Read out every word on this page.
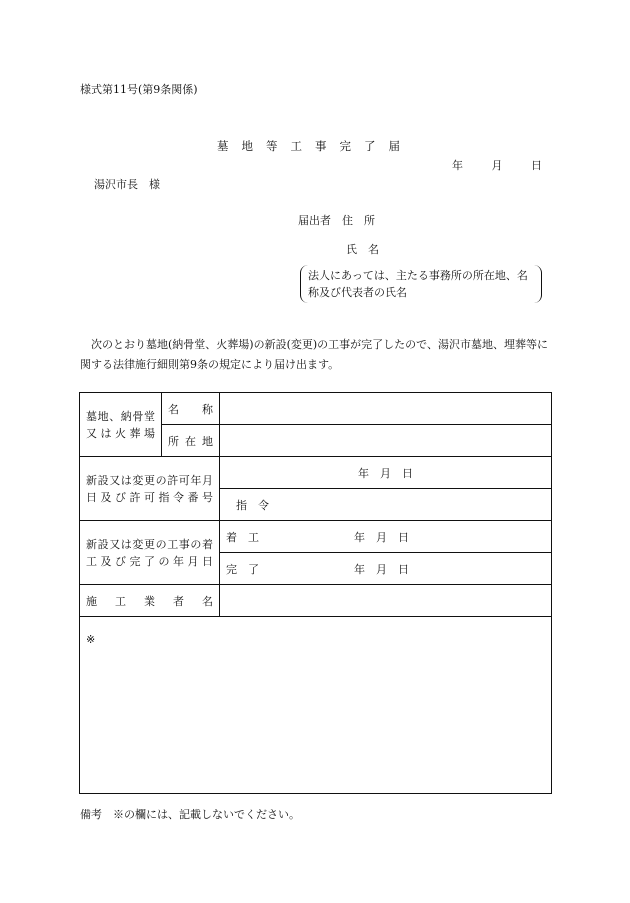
様式第11号(第9条関係)
墓地等工事完了届
年	月	日
湯沢市長　様
届出者　住　所
氏　名
法人にあっては、主たる事務所の所在地、名称及び代表者の氏名
次のとおり墓地(納骨堂、火葬場)の新設(変更)の工事が完了したので、湯沢市墓地、埋葬等に関する法律施行細則第9条の規定により届け出ます。
墓地、納骨堂又は火葬場	名　　称	
	所在地	
新設又は変更の許可年月日及び許可指令番号		年　月　日
		指　令
新設又は変更の工事の着工及び完了の年月日		着　工 年　月　日

		完　了 年　月　日

施工業者名		
※		
備考　※の欄には、記載しないでください。
